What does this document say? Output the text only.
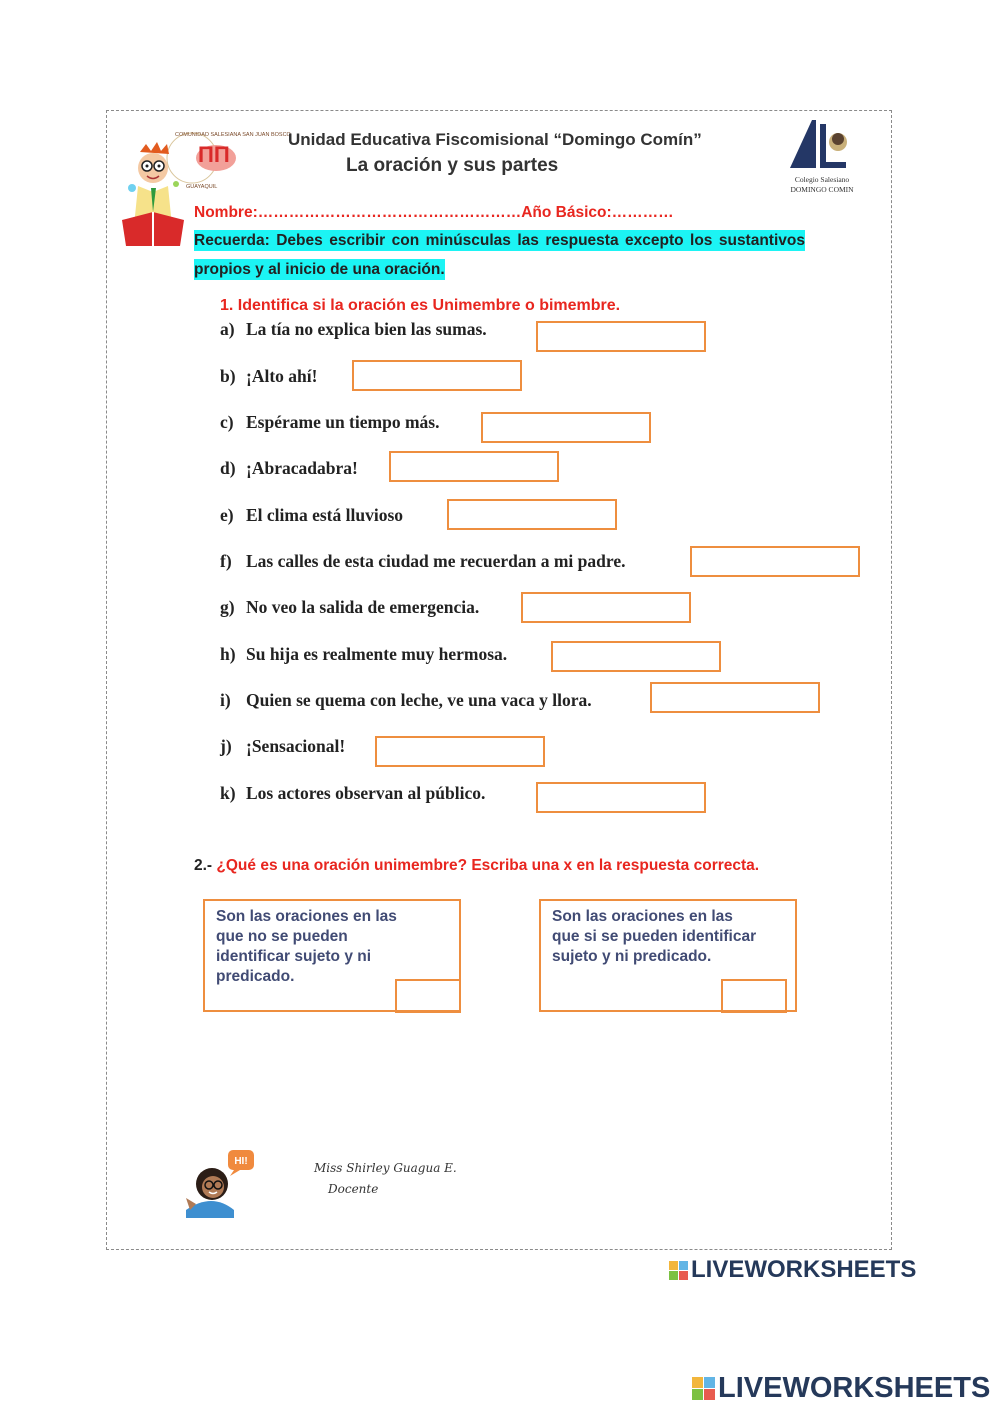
ΠΠ
COMUNIDAD SALESIANA SAN JUAN BOSCO
GUAYAQUIL
Unidad Educativa Fiscomisional “Domingo Comín”
La oración y sus partes
Colegio Salesiano
DOMINGO COMIN
Nombre:……………………………………………Año Básico:…………
Recuerda: Debes escribir con minúsculas las respuesta excepto los sustantivos propios y al inicio de una oración.
1. Identifica si la oración es Unimembre o bimembre.
a) La tía no explica bien las sumas.
b) ¡Alto ahí!
c) Espérame un tiempo más.
d) ¡Abracadabra!
e) El clima está lluvioso
f) Las calles de esta ciudad me recuerdan a mi padre.
g) No veo la salida de emergencia.
h) Su hija es realmente muy hermosa.
i) Quien se quema con leche, ve una vaca y llora.
j) ¡Sensacional!
k) Los actores observan al público.
2.- ¿Qué es una oración unimembre? Escriba una x en la respuesta correcta.
Son las oraciones en las que no se pueden identificar sujeto y ni predicado.
Son las oraciones en las que si se pueden identificar sujeto y ni predicado.
HI!	Miss Shirley Guagua E.
Docente
LIVEWORKSHEETS
LIVEWORKSHEETS
